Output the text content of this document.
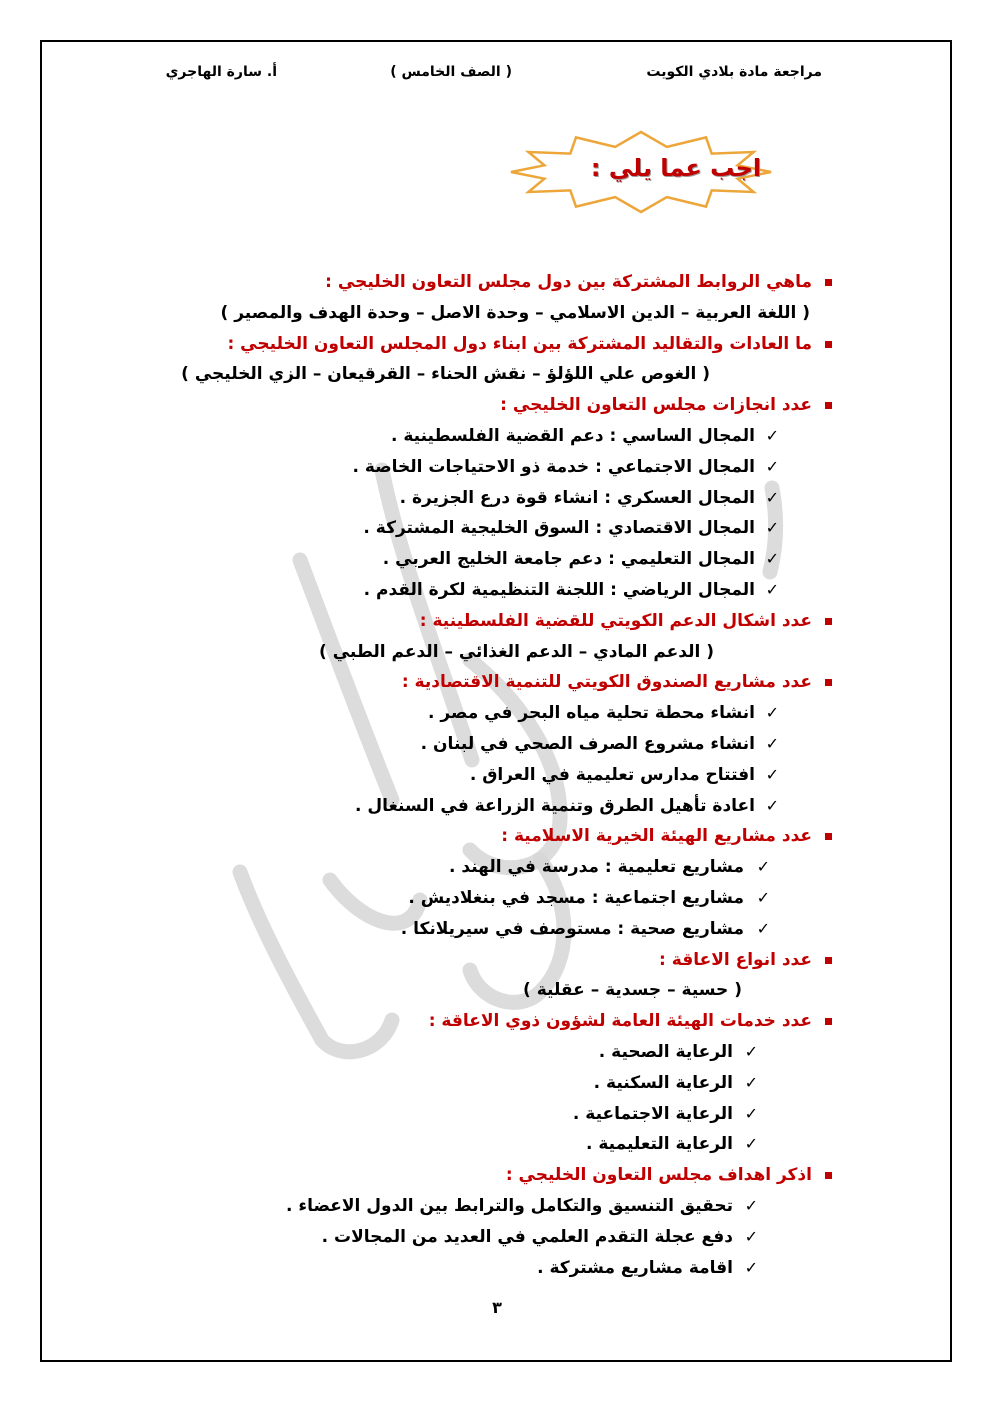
مراجعة مادة بلادي الكويت
( الصف الخامس )
أ. سارة الهاجري
اجب عما يلي :
ماهي الروابط المشتركة بين دول مجلس التعاون الخليجي :
( اللغة العربية – الدين الاسلامي – وحدة الاصل – وحدة الهدف والمصير )
ما العادات والتقاليد المشتركة بين ابناء دول المجلس التعاون الخليجي :
( الغوص علي اللؤلؤ – نقش الحناء – القرقيعان – الزي الخليجي )
عدد انجازات مجلس التعاون الخليجي :
✓
المجال الساسي : دعم القضية الفلسطينية .
✓
المجال الاجتماعي : خدمة ذو الاحتياجات الخاصة .
✓
المجال العسكري : انشاء قوة درع الجزيرة .
✓
المجال الاقتصادي : السوق الخليجية المشتركة .
✓
المجال التعليمي : دعم جامعة الخليج العربي .
✓
المجال الرياضي : اللجنة التنظيمية لكرة القدم .
عدد اشكال الدعم الكويتي للقضية الفلسطينية :
( الدعم المادي – الدعم الغذائي – الدعم الطبي )
عدد مشاريع الصندوق الكويتي للتنمية الاقتصادية :
✓
انشاء محطة تحلية مياه البحر في مصر .
✓
انشاء مشروع الصرف الصحي في لبنان .
✓
افتتاح مدارس تعليمية في العراق .
✓
اعادة تأهيل الطرق وتنمية الزراعة في السنغال .
عدد مشاريع الهيئة الخيرية الاسلامية :
✓
مشاريع تعليمية : مدرسة في الهند .
✓
مشاريع اجتماعية : مسجد في بنغلاديش .
✓
مشاريع صحية : مستوصف في سيريلانكا .
عدد انواع الاعاقة :
( حسية – جسدية – عقلية )
عدد خدمات الهيئة العامة لشؤون ذوي الاعاقة :
✓
الرعاية الصحية .
✓
الرعاية السكنية .
✓
الرعاية الاجتماعية .
✓
الرعاية التعليمية .
اذكر اهداف مجلس التعاون الخليجي :
✓
تحقيق التنسيق والتكامل والترابط بين الدول الاعضاء .
✓
دفع عجلة التقدم العلمي في العديد من المجالات .
✓
اقامة مشاريع مشتركة .
٣
